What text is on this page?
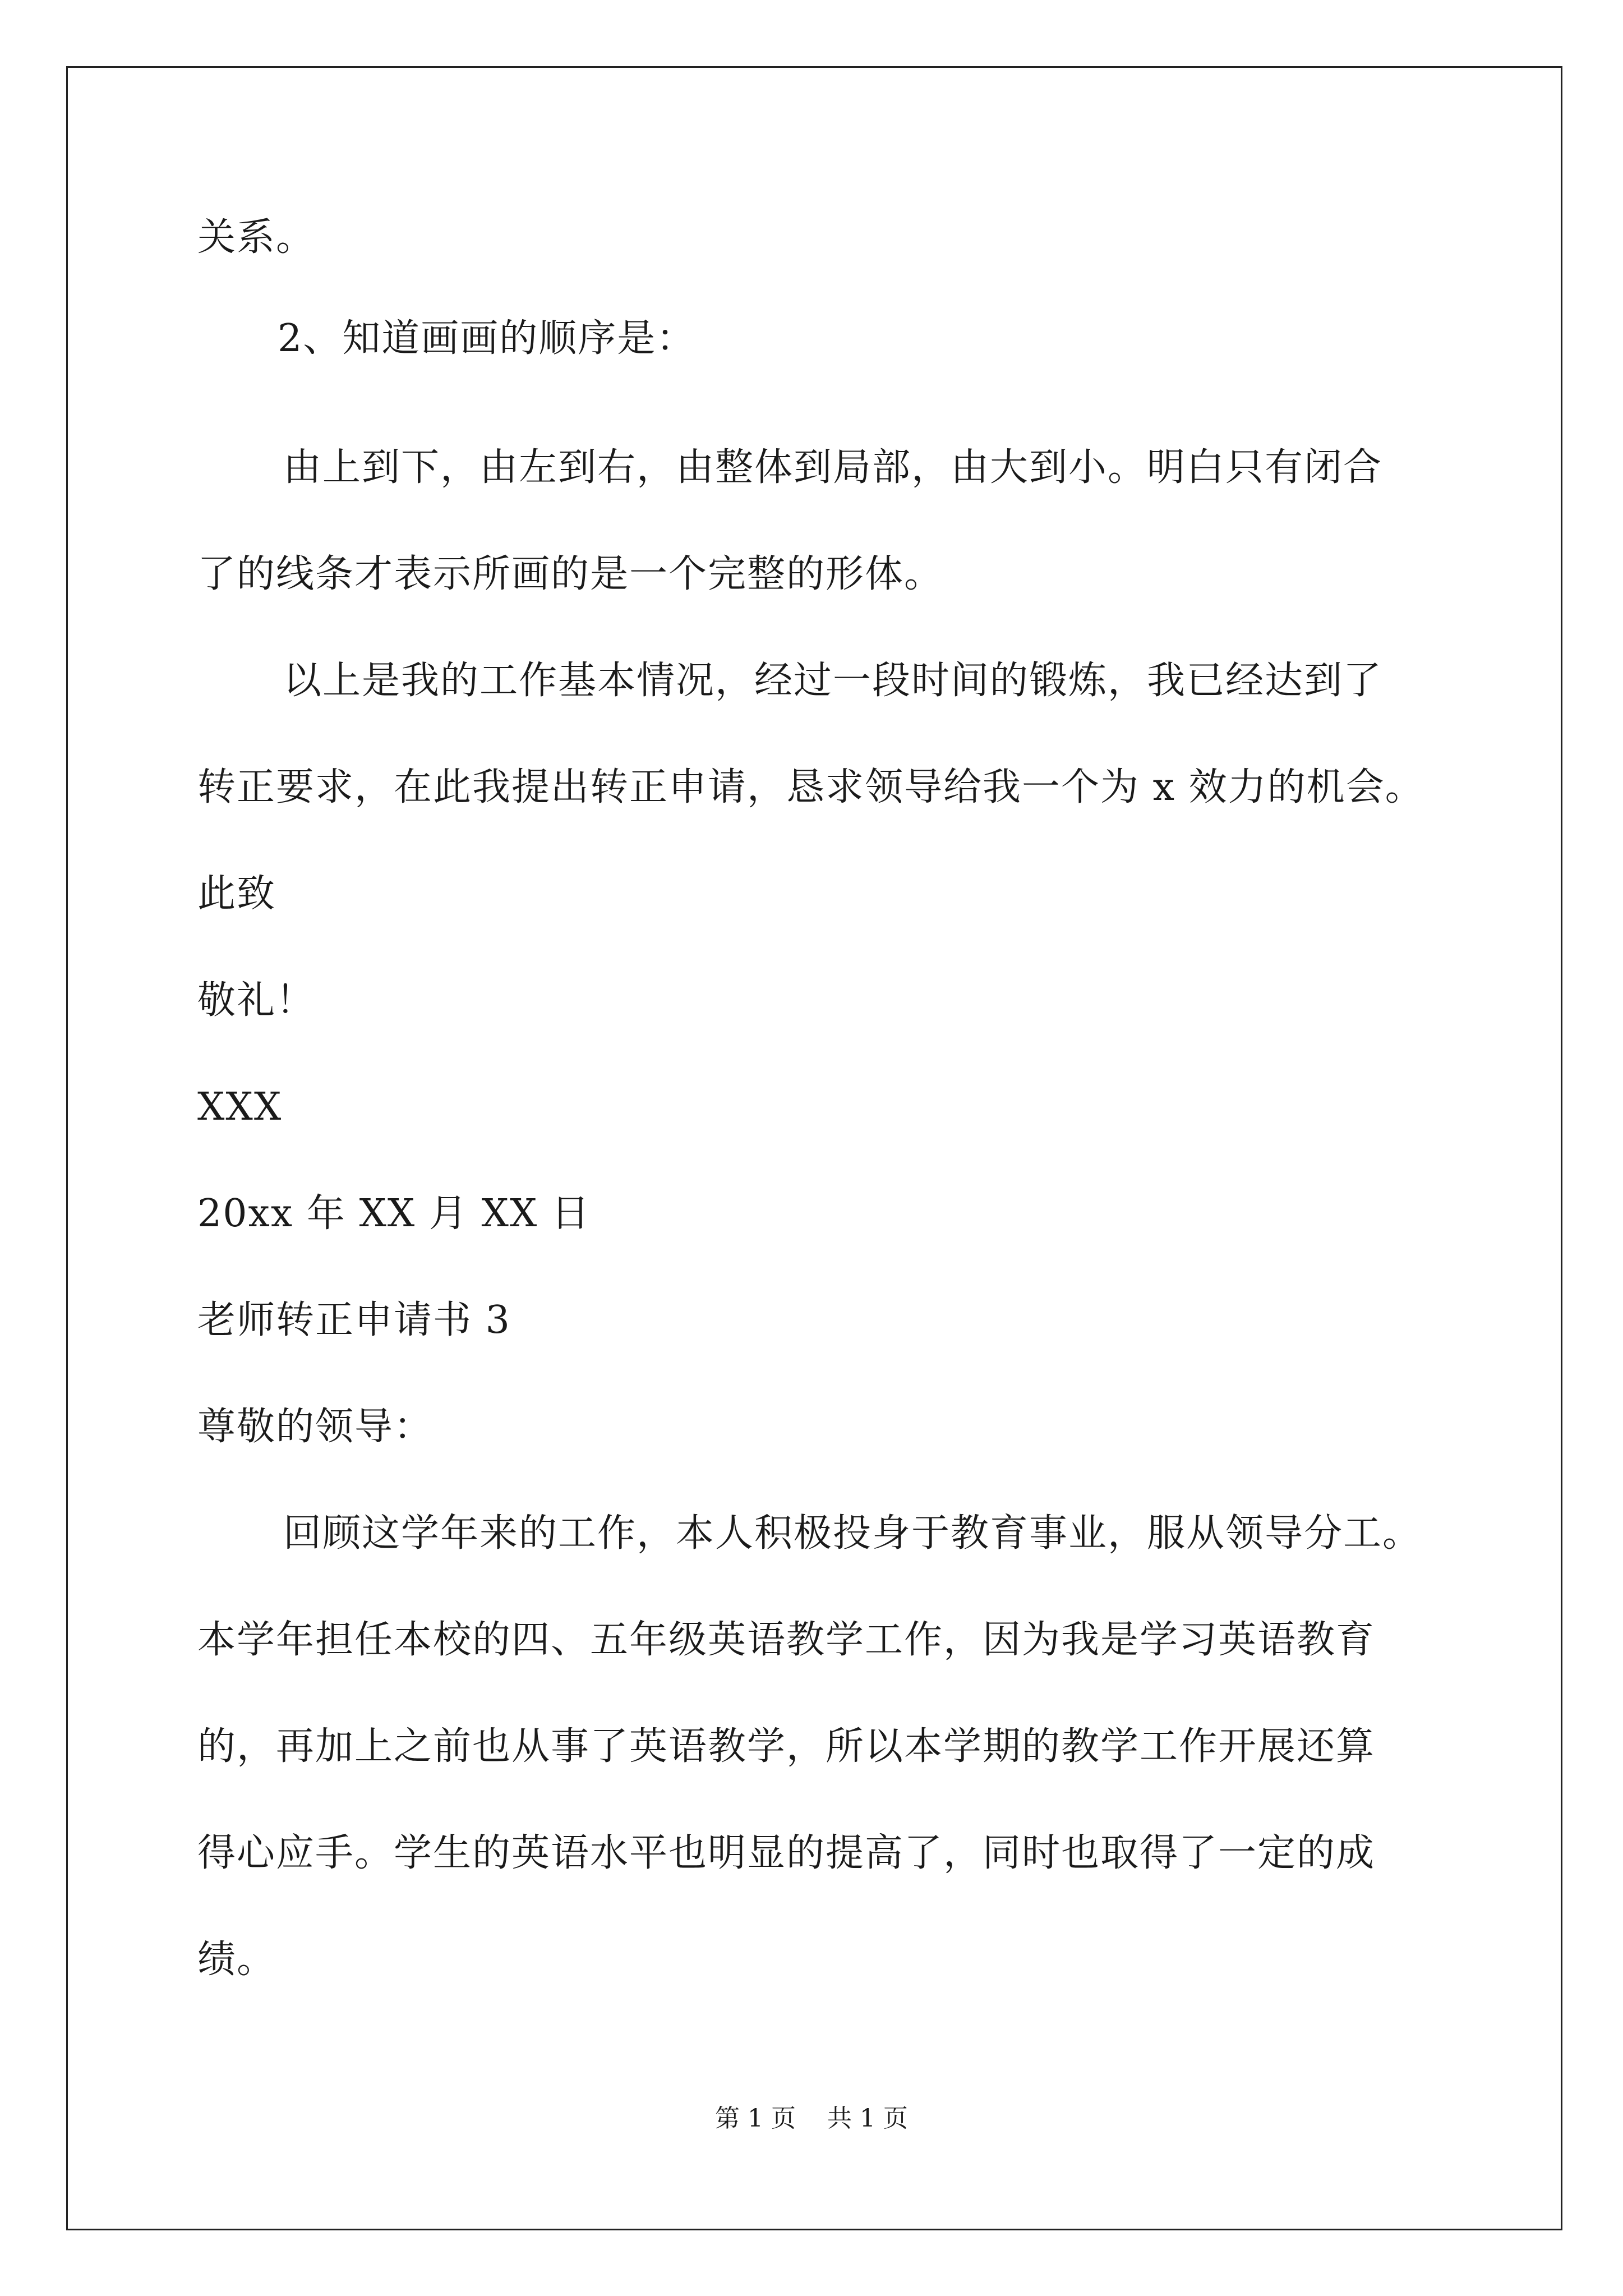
关系。
2、知道画画的顺序是：
由上到下，由左到右，由整体到局部，由大到小。明白只有闭合
了的线条才表示所画的是一个完整的形体。
以上是我的工作基本情况，经过一段时间的锻炼，我已经达到了
转正要求，在此我提出转正申请，恳求领导给我一个为 x 效力的机会。
此致
敬礼！
XXX
20xx 年 XX 月 XX 日
老师转正申请书 3
尊敬的领导：
回顾这学年来的工作，本人积极投身于教育事业，服从领导分工。
本学年担任本校的四、五年级英语教学工作，因为我是学习英语教育
的，再加上之前也从事了英语教学，所以本学期的教学工作开展还算
得心应手。学生的英语水平也明显的提高了，同时也取得了一定的成
绩。
第 1 页    共 1 页
